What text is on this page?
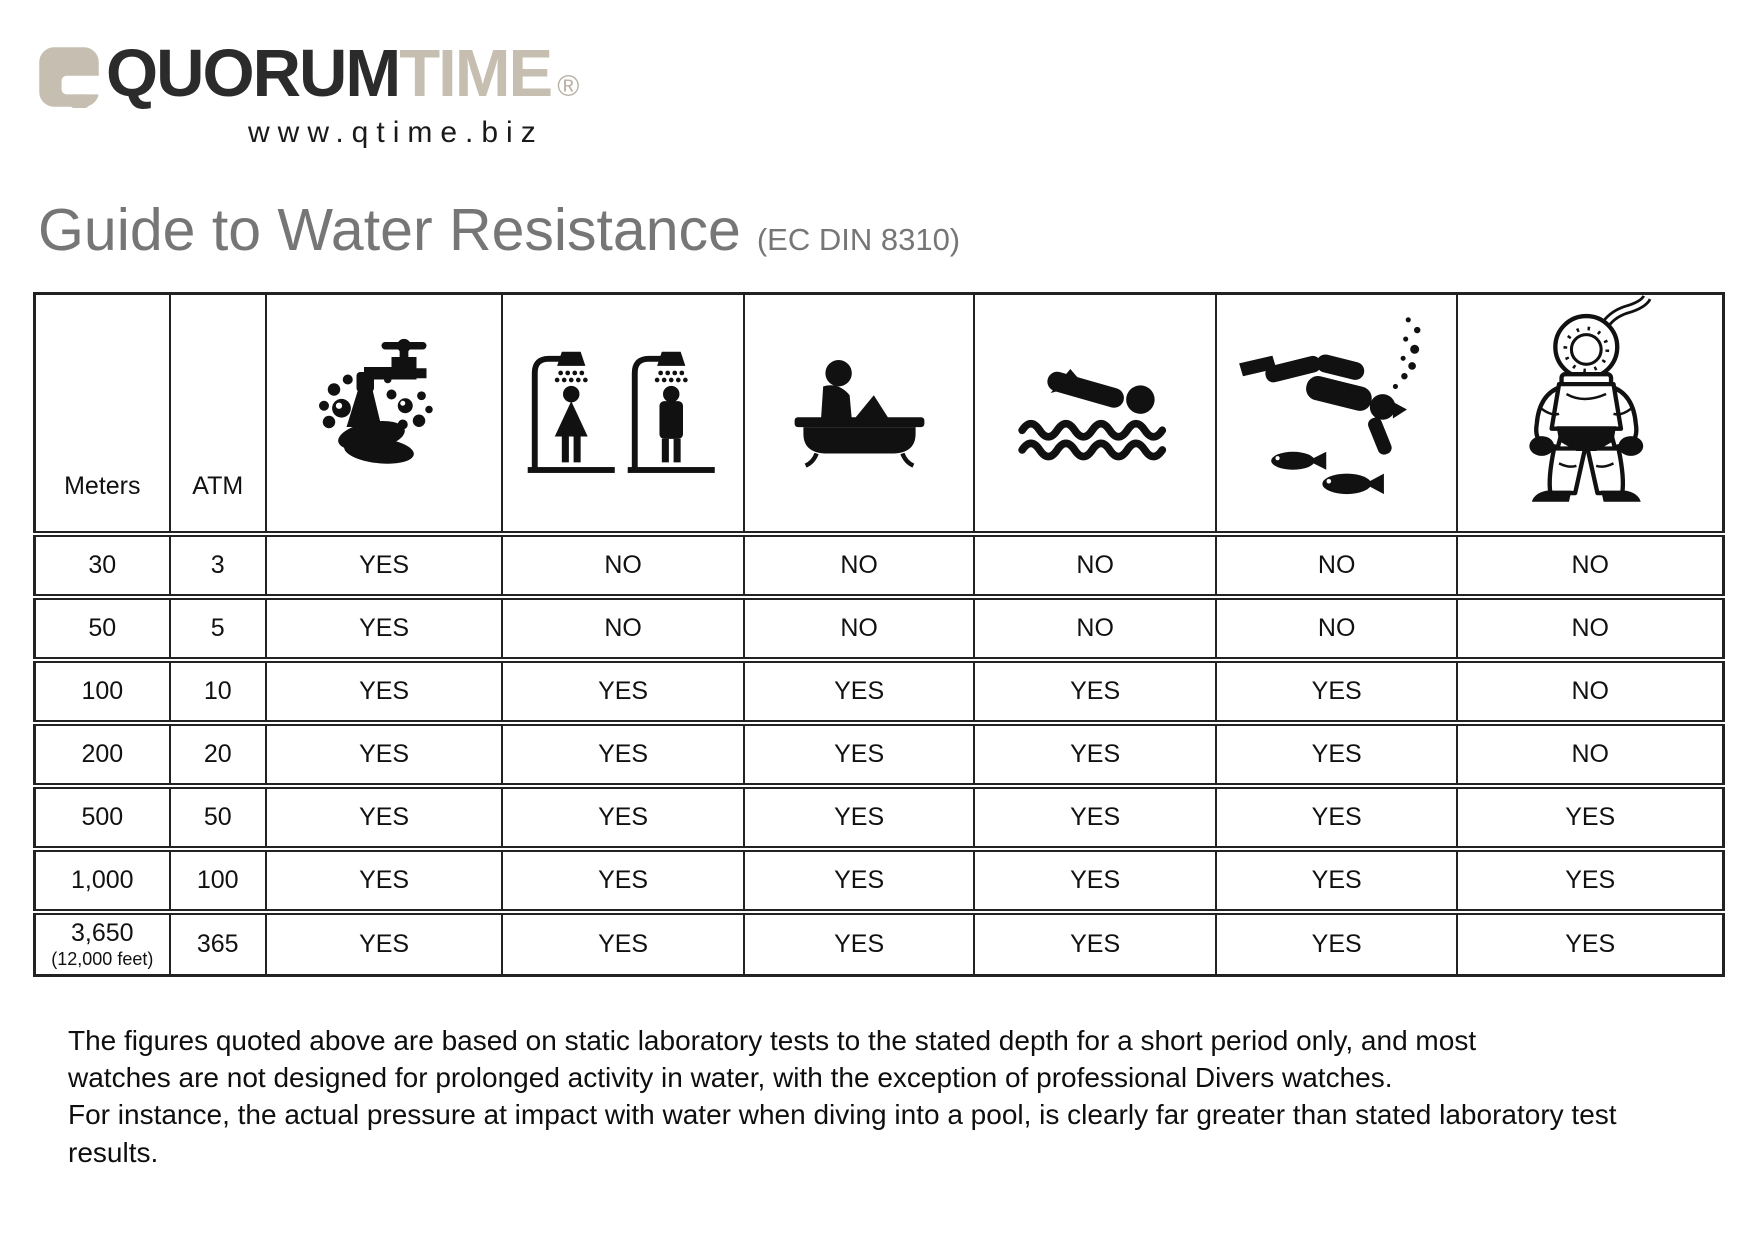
QUORUMTIME ®
www.qtime.biz
Guide to Water Resistance (EC DIN 8310)
Meters	ATM	

30	3	YES	NO	NO	NO	NO	NO

50	5	YES	NO	NO	NO	NO	NO

100	10	YES	YES	YES	YES	YES	NO

200	20	YES	YES	YES	YES	YES	NO

500	50	YES	YES	YES	YES	YES	YES

1,000	100	YES	YES	YES	YES	YES	YES

3,650
(12,000 feet)	365	YES	YES	YES	YES	YES	YES

The figures quoted above are based on static laboratory tests to the stated depth for a short period only, and most watches are not designed for prolonged activity in water, with the exception of professional Divers watches.

For instance, the actual pressure at impact with water when diving into a pool, is clearly far greater than stated laboratory test results.
